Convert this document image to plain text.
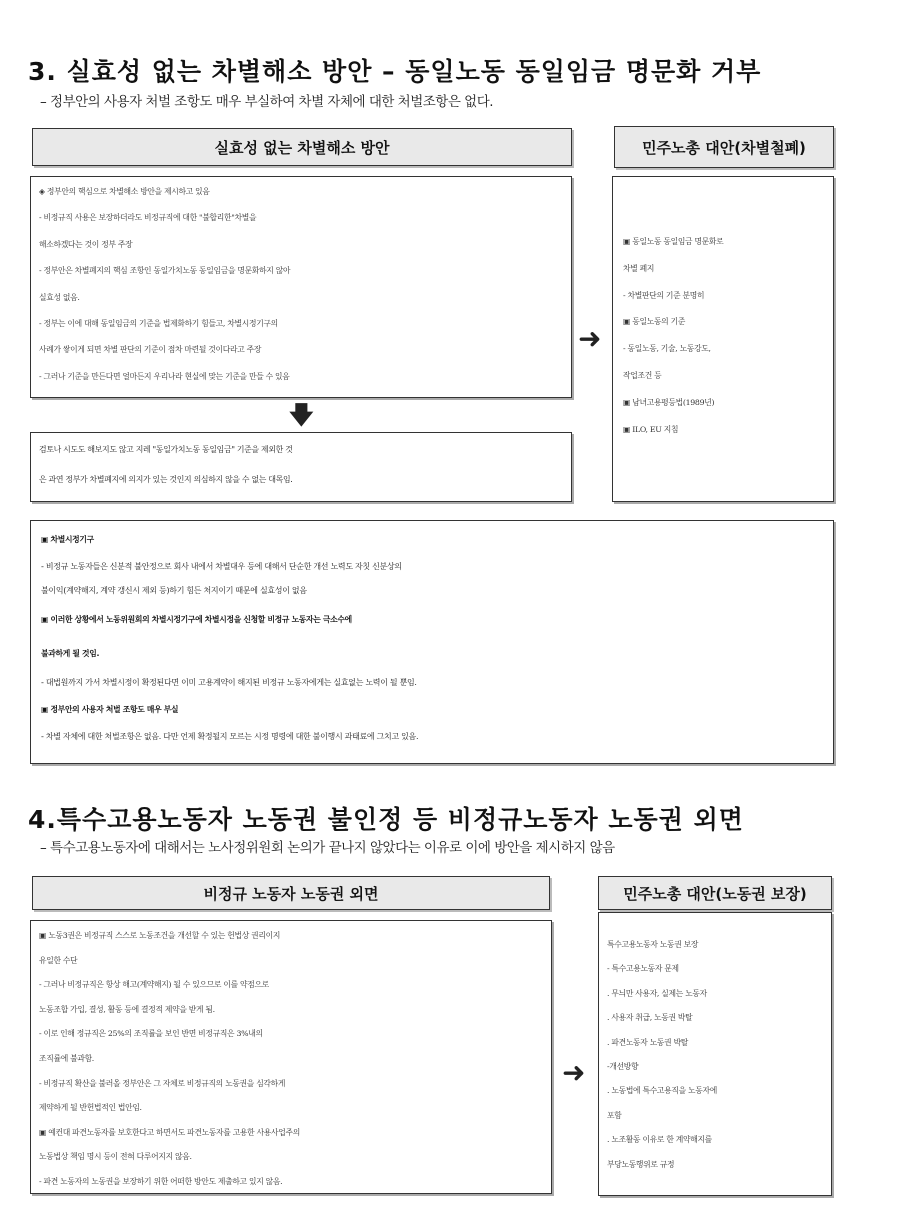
3. 실효성 없는 차별해소 방안 – 동일노동 동일임금 명문화 거부

– 정부안의 사용자 처벌 조항도 매우 부실하여 차별 자체에 대한 처벌조항은 없다.

실효성 없는 차별해소 방안	민주노총 대안(차별철폐)
◈ 정부안의 핵심으로 차별해소 방안을 제시하고 있음
- 비정규직 사용은 보장하더라도 비정규직에 대한 "불합리한"차별을
해소하겠다는 것이 정부 주장
- 정부안은 차별폐지의 핵심 조항인 동일가치노동 동일임금을 명문화하지 않아
실효성 없음.
- 정부는 이에 대해 동일임금의 기준을 법제화하기 힘들고, 차별시정기구의
사례가 쌓이게 되면 차별 판단의 기준이 점차 마련될 것이다라고 주장
- 그러나 기준을 만든다면 얼마든지 우리나라 현실에 맞는 기준을 만들 수 있음
➜
🡇
검토나 시도도 해보지도 않고 지레 "동일가치노동 동일임금" 기준을 제외한 것
은 과연 정부가 차별폐지에 의지가 있는 것인지 의심하지 않을 수 없는 대목임.
▣ 동일노동 동일임금 명문화로
차별 폐지
- 차별판단의 기준 분명히
▣ 동일노동의 기준
- 동일노동, 기술, 노동강도,
작업조건 등
▣ 남녀고용평등법(1989년)
▣ ILO, EU 지침
▣ 차별시정기구
- 비정규 노동자들은 신분적 불안정으로 회사 내에서 차별대우 등에 대해서 단순한 개선 노력도 자칫 신분상의
불이익(계약해지, 계약 갱신시 제외 등)하기 힘든 처지이기 때문에 실효성이 없음
▣ 이러한 상황에서 노동위원회의 차별시정기구에 차별시정을 신청할 비정규 노동자는 극소수에
불과하게 될 것임.
- 대법원까지 가서 차별시정이 확정된다면 이미 고용계약이 해지된 비정규 노동자에게는 실효없는 노력이 될 뿐임.
▣ 정부안의 사용자 처벌 조항도 매우 부실
- 차별 자체에 대한 처벌조항은 없음. 다만 언제 확정될지 모르는 시정 명령에 대한 불이행시 과태료에 그치고 있음.
4.특수고용노동자 노동권 불인정 등 비정규노동자 노동권 외면

– 특수고용노동자에 대해서는 노사정위원회 논의가 끝나지 않았다는 이유로 이에 방안을 제시하지 않음

비정규 노동자 노동권 외면	민주노총 대안(노동권 보장)
▣ 노동3권은 비정규직 스스로 노동조건을 개선할 수 있는 헌법상 권리이지
유일한 수단
- 그러나 비정규직은 항상 해고(계약해지) 될 수 있으므로 이를 약점으로
노동조합 가입, 결성, 활동 등에 결정적 제약을 받게 됨.
- 이로 인해 정규직은 25%의 조직률을 보인 반면 비정규직은 3%내의
조직률에 불과함.
- 비정규직 확산을 불러올 정부안은 그 자체로 비정규직의 노동권을 심각하게
제약하게 될 반헌법적인 법안임.
▣ 예컨대 파견노동자를 보호한다고 하면서도 파견노동자를 고용한 사용사업주의
노동법상 책임 명시 등이 전혀 다루어지지 않음.
- 파견 노동자의 노동권을 보장하기 위한 어떠한 방안도 제출하고 있지 않음.
➜
특수고용노동자 노동권 보장
- 특수고용노동자 문제
. 무늬만 사용자, 실제는 노동자
. 사용자 취급, 노동권 박탈
. 파견노동자 노동권 박탈
-개선방향
. 노동법에 특수고용직을 노동자에
포함
. 노조활동 이유로 한 계약해지를
부당노동행위로 규정
